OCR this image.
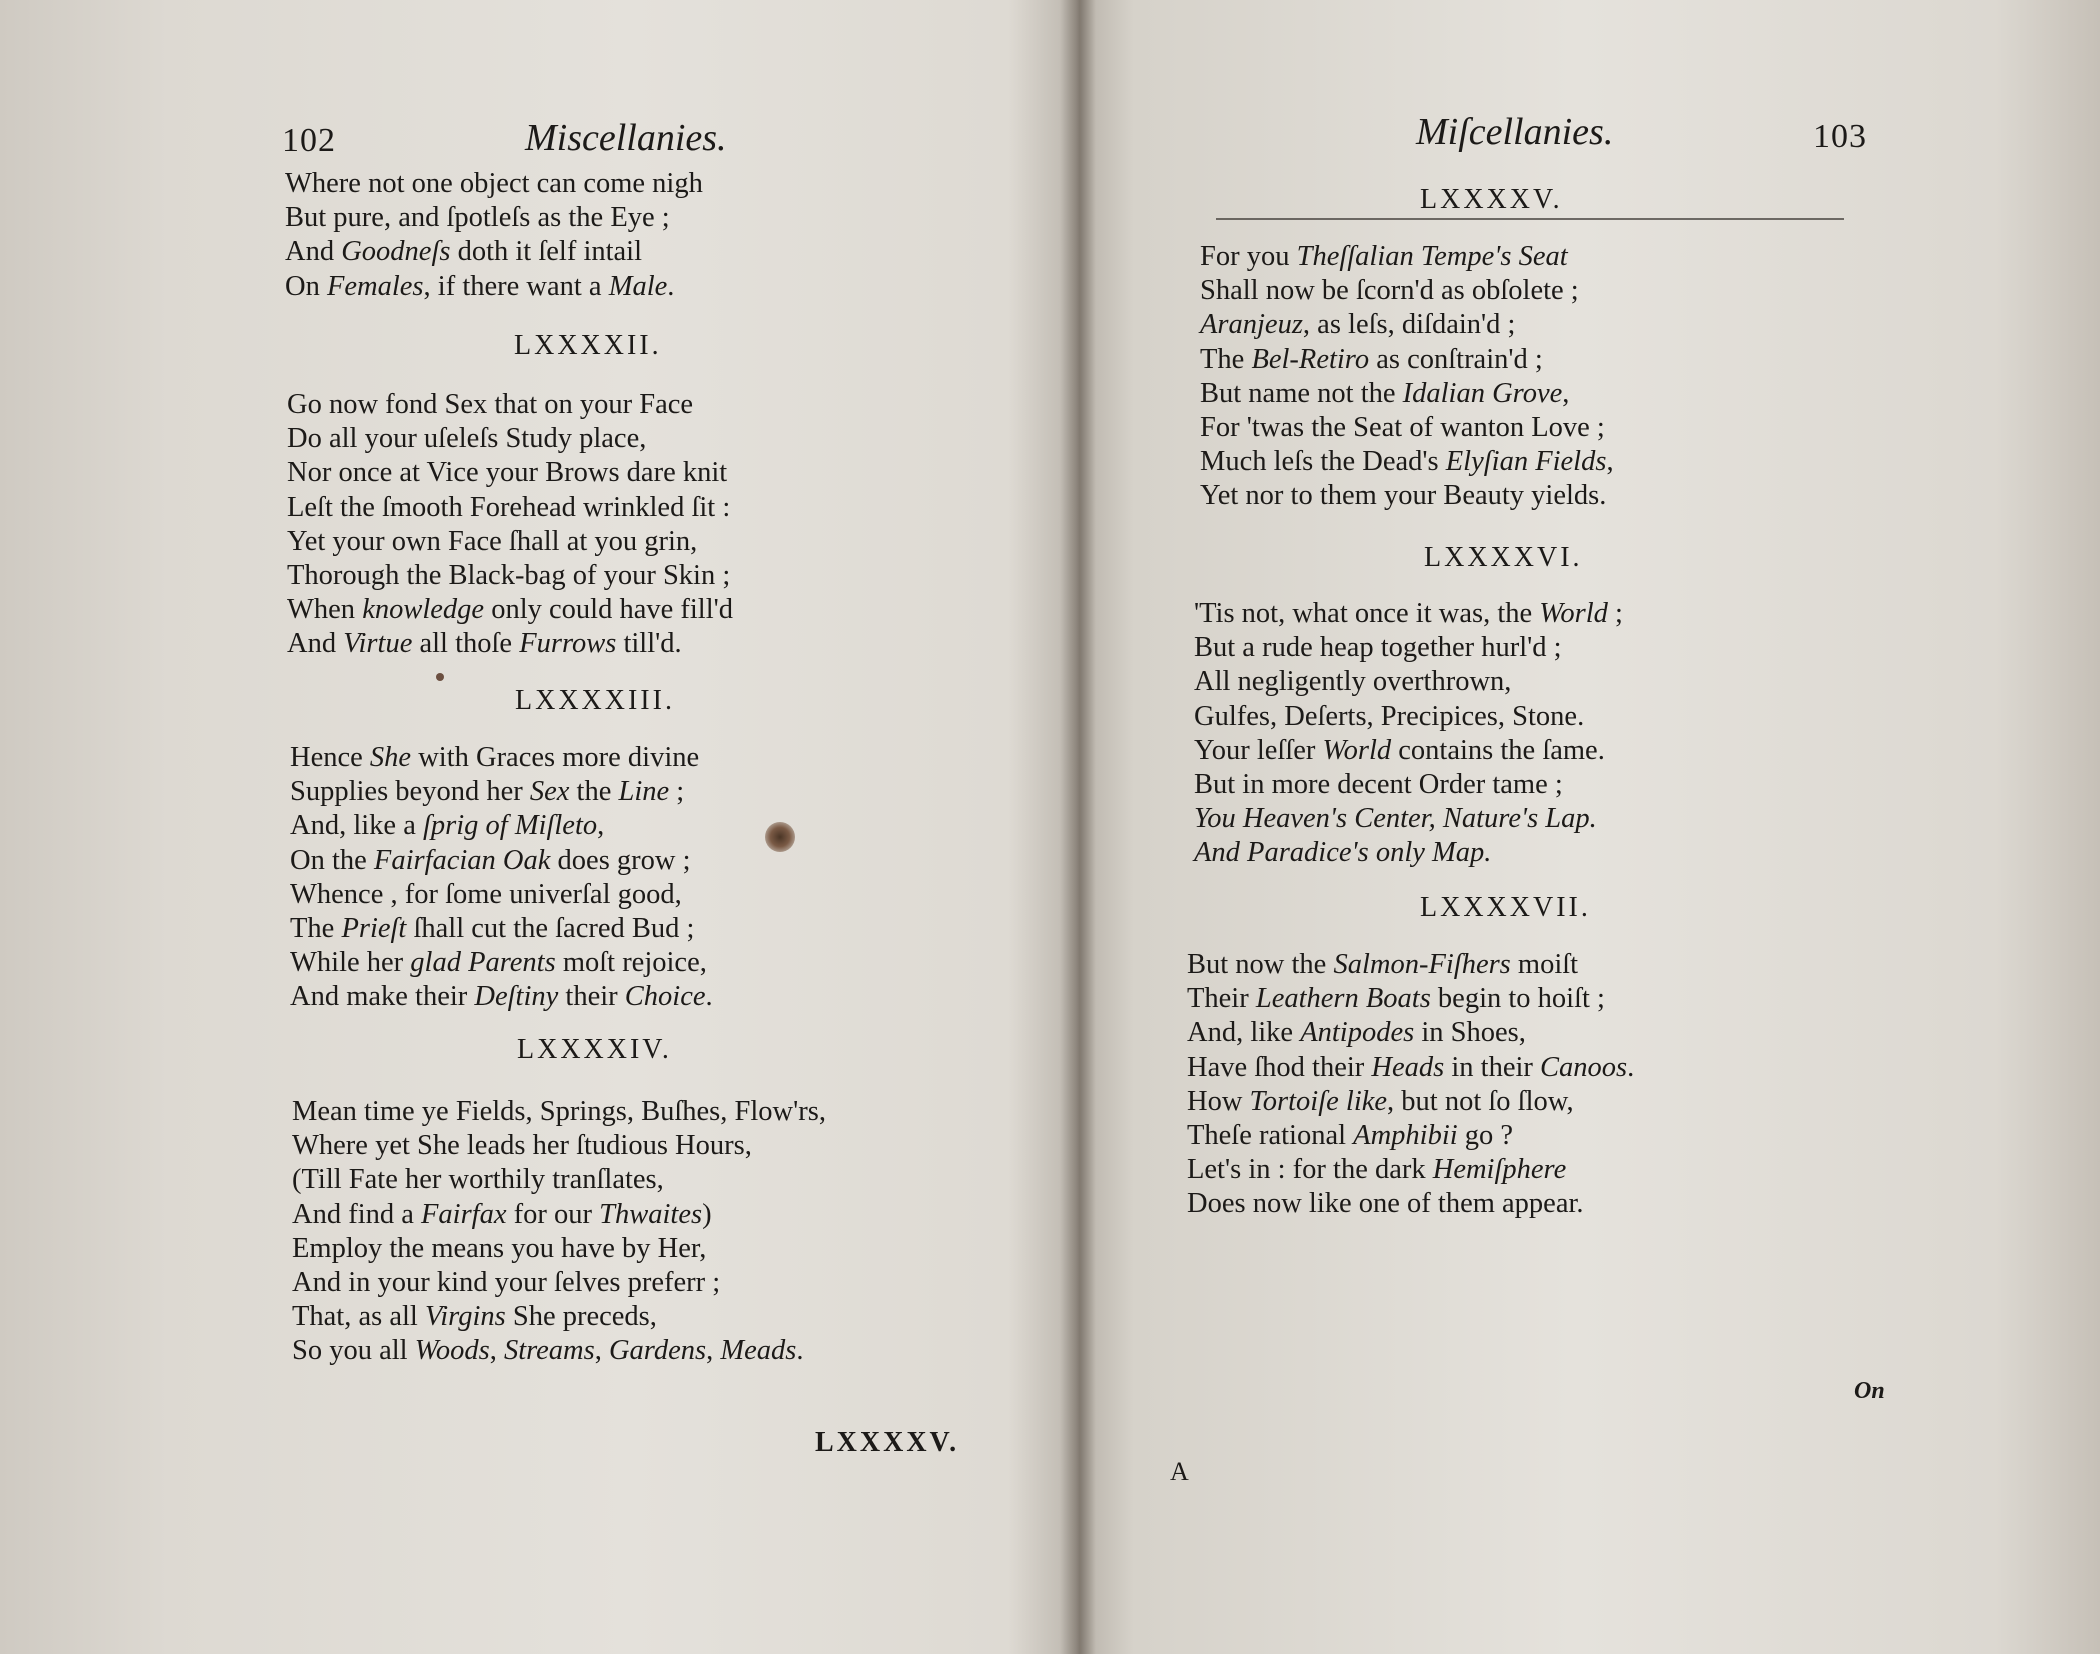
102	Miscellanies.
Where not one object can come nigh
But pure, and ſpotleſs as the Eye ;
And Goodneſs doth it ſelf intail
On Females, if there want a Male.
LXXXXII.
Go now fond Sex that on your Face
Do all your uſeleſs Study place,
Nor once at Vice your Brows dare knit
Leſt the ſmooth Forehead wrinkled ſit :
Yet your own Face ſhall at you grin,
Thorough the Black-bag of your Skin ;
When knowledge only could have fill'd
And Virtue all thoſe Furrows till'd.
LXXXXIII.
Hence She with Graces more divine
Supplies beyond her Sex the Line ;
And, like a ſprig of Miſleto,
On the Fairfacian Oak does grow ;
Whence , for ſome univerſal good,
The Prieſt ſhall cut the ſacred Bud ;
While her glad Parents moſt rejoice,
And make their Deſtiny their Choice.
LXXXXIV.
Mean time ye Fields, Springs, Buſhes, Flow'rs,
Where yet She leads her ſtudious Hours,
(Till Fate her worthily tranſlates,
And find a Fairfax for our Thwaites)
Employ the means you have by Her,
And in your kind your ſelves preferr ;
That, as all Virgins She preceds,
So you all Woods, Streams, Gardens, Meads.
LXXXXV.
Miſcellanies.	103
LXXXXV.
For you Theſſalian Tempe's Seat
Shall now be ſcorn'd as obſolete ;
Aranjeuz, as leſs, diſdain'd ;
The Bel-Retiro as conſtrain'd ;
But name not the Idalian Grove,
For 'twas the Seat of wanton Love ;
Much leſs the Dead's Elyſian Fields,
Yet nor to them your Beauty yields.
LXXXXVI.
'Tis not, what once it was, the World ;
But a rude heap together hurl'd ;
All negligently overthrown,
Gulfes, Deſerts, Precipices, Stone.
Your leſſer World contains the ſame.
But in more decent Order tame ;
You Heaven's Center, Nature's Lap.
And Paradice's only Map.
LXXXXVII.
But now the Salmon-Fiſhers moiſt
Their Leathern Boats begin to hoiſt ;
And, like Antipodes in Shoes,
Have ſhod their Heads in their Canoos.
How Tortoiſe like, but not ſo ſlow,
Theſe rational Amphibii go ?
Let's in : for the dark Hemiſphere
Does now like one of them appear.
On
A
